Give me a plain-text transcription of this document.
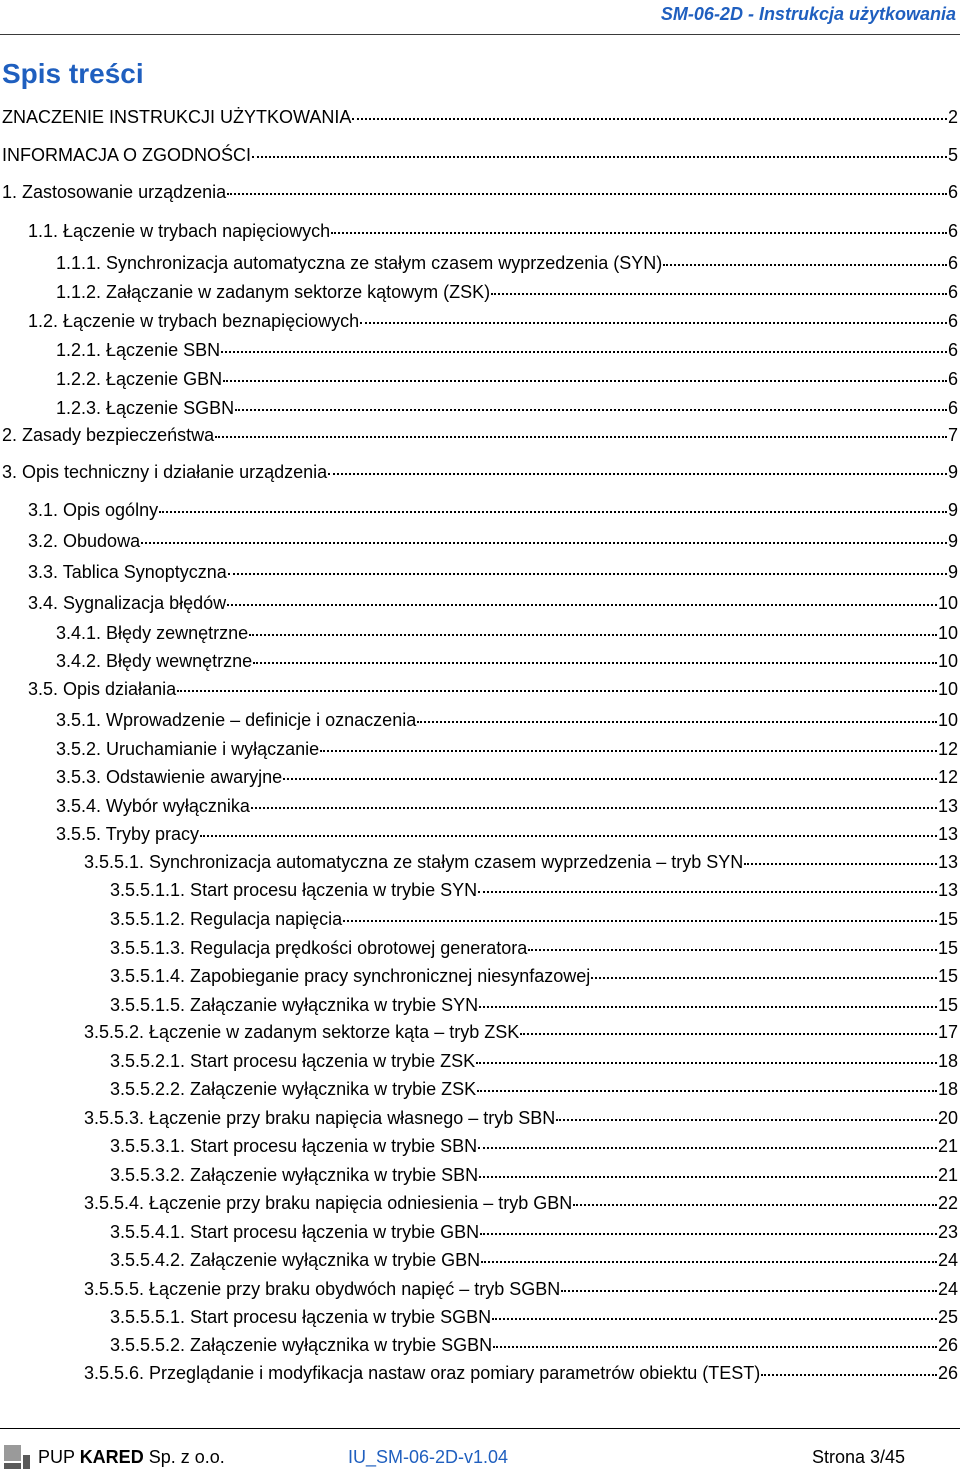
SM-06-2D - Instrukcja użytkowania
Spis treści
ZNACZENIE INSTRUKCJI UŻYTKOWANIA	2
INFORMACJA O ZGODNOŚCI	5
1. Zastosowanie urządzenia	6
1.1. Łączenie w trybach napięciowych	6
1.1.1. Synchronizacja automatyczna ze stałym czasem wyprzedzenia (SYN)	6
1.1.2. Załączanie w zadanym sektorze kątowym (ZSK)	6
1.2. Łączenie w trybach beznapięciowych	6
1.2.1. Łączenie SBN	6
1.2.2. Łączenie GBN	6
1.2.3. Łączenie SGBN	6
2. Zasady bezpieczeństwa	7
3. Opis techniczny i działanie urządzenia	9
3.1. Opis ogólny	9
3.2. Obudowa	9
3.3. Tablica Synoptyczna	9
3.4. Sygnalizacja błędów	10
3.4.1. Błędy zewnętrzne	10
3.4.2. Błędy wewnętrzne	10
3.5. Opis działania	10
3.5.1. Wprowadzenie – definicje i oznaczenia	10
3.5.2. Uruchamianie i wyłączanie	12
3.5.3. Odstawienie awaryjne	12
3.5.4. Wybór wyłącznika	13
3.5.5. Tryby pracy	13
3.5.5.1. Synchronizacja automatyczna ze stałym czasem wyprzedzenia – tryb SYN	13
3.5.5.1.1. Start procesu łączenia w trybie SYN	13
3.5.5.1.2. Regulacja napięcia	15
3.5.5.1.3. Regulacja prędkości obrotowej generatora	15
3.5.5.1.4. Zapobieganie pracy synchronicznej niesynfazowej	15
3.5.5.1.5. Załączanie wyłącznika w trybie SYN	15
3.5.5.2. Łączenie w zadanym sektorze kąta – tryb ZSK	17
3.5.5.2.1. Start procesu łączenia w trybie ZSK	18
3.5.5.2.2. Załączenie wyłącznika w trybie ZSK	18
3.5.5.3. Łączenie przy braku napięcia własnego – tryb SBN	20
3.5.5.3.1. Start procesu łączenia w trybie SBN	21
3.5.5.3.2. Załączenie wyłącznika w trybie SBN	21
3.5.5.4. Łączenie przy braku napięcia odniesienia – tryb GBN	22
3.5.5.4.1. Start procesu łączenia w trybie GBN	23
3.5.5.4.2. Załączenie wyłącznika w trybie GBN	24
3.5.5.5. Łączenie przy braku obydwóch napięć – tryb SGBN	24
3.5.5.5.1. Start procesu łączenia w trybie SGBN	25
3.5.5.5.2. Załączenie wyłącznika w trybie SGBN	26
3.5.5.6. Przeglądanie i modyfikacja nastaw oraz pomiary parametrów obiektu (TEST)	26
PUP KARED Sp. z o.o.	IU_SM-06-2D-v1.04	Strona 3/45
